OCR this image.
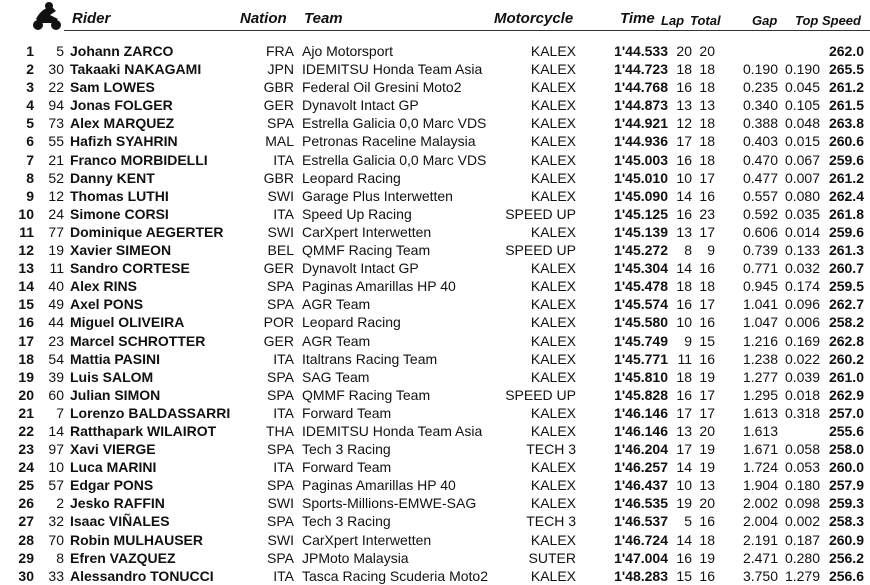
Rider	Nation Team	Motorcycle	Time Lap Total Gap Top Speed
1	5 Johann ZARCO	FRA Ajo Motorsport	KALEX	1'44.533 20 20	262.0
2	30 Takaaki NAKAGAMI	JPN IDEMITSU Honda Team Asia	KALEX	1'44.723 18 18	0.190 0.190 265.5
3	22 Sam LOWES	GBR Federal Oil Gresini Moto2	KALEX	1'44.768 16 18	0.235 0.045 261.2
4	94 Jonas FOLGER	GER Dynavolt Intact GP	KALEX	1'44.873 13 13	0.340 0.105 261.5
5	73 Alex MARQUEZ	SPA Estrella Galicia 0,0 Marc VDS	KALEX	1'44.921 12 18	0.388 0.048 263.8
6	55 Hafizh SYAHRIN	MAL Petronas Raceline Malaysia	KALEX	1'44.936 17 18	0.403 0.015 260.6
7	21 Franco MORBIDELLI	ITA Estrella Galicia 0,0 Marc VDS	KALEX	1'45.003 16 18	0.470 0.067 259.6
8	52 Danny KENT	GBR Leopard Racing	KALEX	1'45.010 10 17	0.477 0.007 261.2
9	12 Thomas LUTHI	SWI Garage Plus Interwetten	KALEX	1'45.090 14 16	0.557 0.080 262.4
10	24 Simone CORSI	ITA Speed Up Racing	SPEED UP	1'45.125 16 23	0.592 0.035 261.8
11	77 Dominique AEGERTER	SWI CarXpert Interwetten	KALEX	1'45.139 13 17	0.606 0.014 259.6
12	19 Xavier SIMEON	BEL QMMF Racing Team	SPEED UP	1'45.272	8	9	0.739 0.133 261.3
13	11 Sandro CORTESE	GER Dynavolt Intact GP	KALEX	1'45.304 14 16	0.771 0.032 260.7
14	40 Alex RINS	SPA Paginas Amarillas HP 40	KALEX	1'45.478 18 18	0.945 0.174 259.5
15	49 Axel PONS	SPA AGR Team	KALEX	1'45.574 16 17	1.041 0.096 262.7
16	44 Miguel OLIVEIRA	POR Leopard Racing	KALEX	1'45.580 10 16	1.047 0.006 258.2
17	23 Marcel SCHROTTER	GER AGR Team	KALEX	1'45.749	9 15	1.216 0.169 262.8
18	54 Mattia PASINI	ITA Italtrans Racing Team	KALEX	1'45.771 11 16	1.238 0.022 260.2
19	39 Luis SALOM	SPA SAG Team	KALEX	1'45.810 18 19	1.277 0.039 261.0
20	60 Julian SIMON	SPA QMMF Racing Team	SPEED UP	1'45.828 16 17	1.295 0.018 262.9
21	7 Lorenzo BALDASSARRI	ITA Forward Team	KALEX	1'46.146 17 17	1.613 0.318 257.0
22	14 Ratthapark WILAIROT	THA IDEMITSU Honda Team Asia	KALEX	1'46.146 13 20	1.613	255.6
23	97 Xavi VIERGE	SPA Tech 3 Racing	TECH 3	1'46.204 17 19	1.671 0.058 258.0
24	10 Luca MARINI	ITA Forward Team	KALEX	1'46.257 14 19	1.724 0.053 260.0
25	57 Edgar PONS	SPA Paginas Amarillas HP 40	KALEX	1'46.437 10 13	1.904 0.180 257.9
26	2 Jesko RAFFIN	SWI Sports-Millions-EMWE-SAG	KALEX	1'46.535 19 20	2.002 0.098 259.3
27	32 Isaac VIÑALES	SPA Tech 3 Racing	TECH 3	1'46.537	5 16	2.004 0.002 258.3
28	70 Robin MULHAUSER	SWI CarXpert Interwetten	KALEX	1'46.724 14 18	2.191 0.187 260.9
29	8 Efren VAZQUEZ	SPA JPMoto Malaysia	SUTER	1'47.004 16 19	2.471 0.280 256.2
30	33 Alessandro TONUCCI	ITA Tasca Racing Scuderia Moto2	KALEX	1'48.283 15 16	3.750 1.279 256.6
